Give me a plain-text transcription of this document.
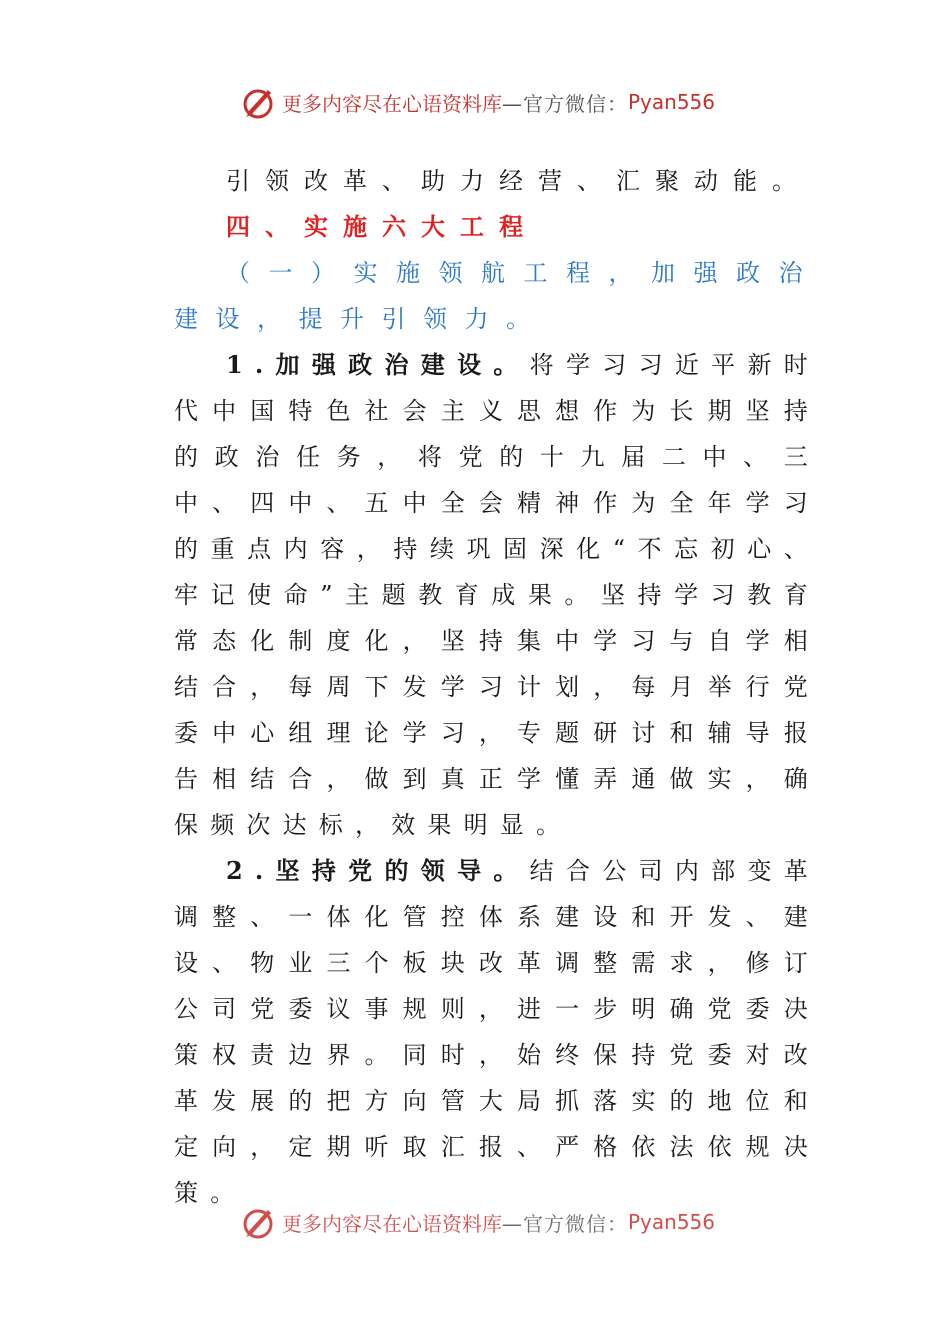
更多内容尽在心语资料库 —官方微信： Pyan556

引领改革、助力经营、汇聚动能。

四、实施六大工程

（一）实施领航工程，加强政治建设，提升引领力。

1.加强政治建设。将学习习近平新时代中国特色社会主义思想作为长期坚持的政治任务，将党的十九届二中、三中、四中、五中全会精神作为全年学习的重点内容，持续巩固深化“不忘初心、牢记使命”主题教育成果。坚持学习教育常态化制度化，坚持集中学习与自学相结合，每周下发学习计划，每月举行党委中心组理论学习，专题研讨和辅导报告相结合，做到真正学懂弄通做实，确保频次达标，效果明显。

2.坚持党的领导。结合公司内部变革调整、一体化管控体系建设和开发、建设、物业三个板块改革调整需求，修订公司党委议事规则，进一步明确党委决策权责边界。同时，始终保持党委对改革发展的把方向管大局抓落实的地位和定向，定期听取汇报、严格依法依规决策。

更多内容尽在心语资料库 —官方微信： Pyan556
